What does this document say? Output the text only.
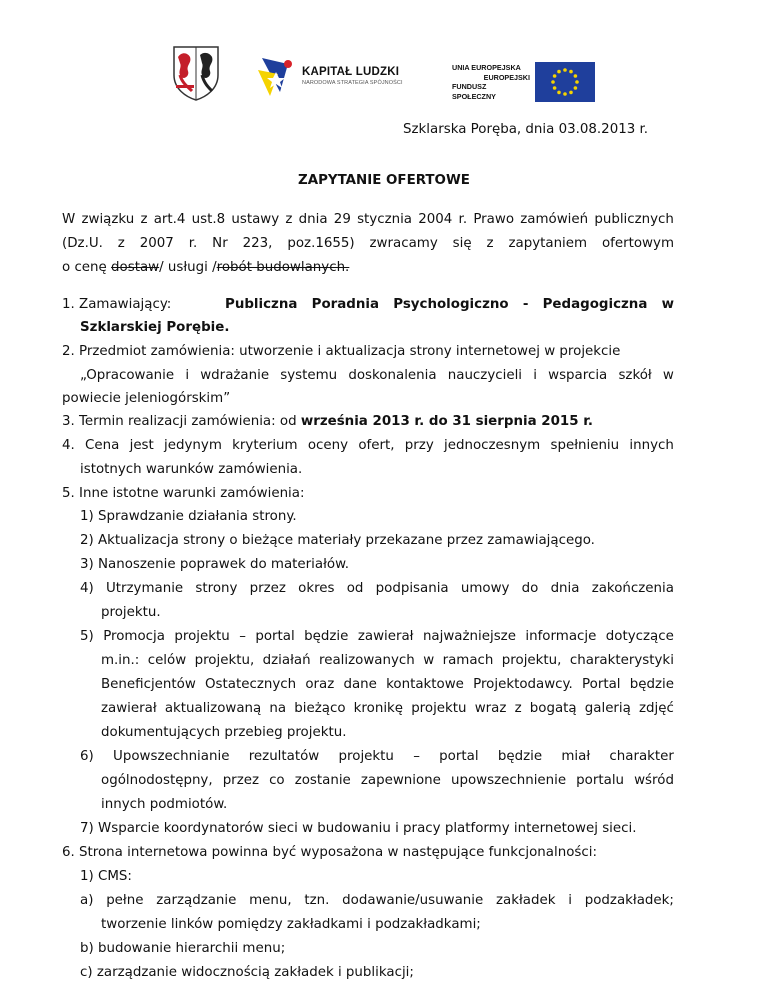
KAPITAŁ LUDZKI
NARODOWA STRATEGIA SPÓJNOŚCI
UNIA EUROPEJSKA
EUROPEJSKI
FUNDUSZ SPOŁECZNY
Szklarska Poręba, dnia 03.08.2013 r.
ZAPYTANIE OFERTOWE
W związku z art.4 ust.8 ustawy z dnia 29 stycznia 2004 r. Prawo zamówień publicznych
(Dz.U. z 2007 r. Nr 223, poz.1655) zwracamy się z zapytaniem ofertowym
o cenę dostaw/ usługi /robót budowlanych.
1. Zamawiający:	Publiczna Poradnia Psychologiczno - Pedagogiczna w
Szklarskiej Porębie.
2. Przedmiot zamówienia: utworzenie i aktualizacja strony internetowej w projekcie
„Opracowanie i wdrażanie systemu doskonalenia nauczycieli i wsparcia szkół w
powiecie jeleniogórskim”
3. Termin realizacji zamówienia: od września 2013 r. do 31 sierpnia 2015 r.
4. Cena jest jedynym kryterium oceny ofert, przy jednoczesnym spełnieniu innych
istotnych warunków zamówienia.
5. Inne istotne warunki zamówienia:
1) Sprawdzanie działania strony.
2) Aktualizacja strony o bieżące materiały przekazane przez zamawiającego.
3) Nanoszenie poprawek do materiałów.
4) Utrzymanie strony przez okres od podpisania umowy do dnia zakończenia
projektu.
5) Promocja projektu – portal będzie zawierał najważniejsze informacje dotyczące
m.in.: celów projektu, działań realizowanych w ramach projektu, charakterystyki
Beneficjentów Ostatecznych oraz dane kontaktowe Projektodawcy. Portal będzie
zawierał aktualizowaną na bieżąco kronikę projektu wraz z bogatą galerią zdjęć
dokumentujących przebieg projektu.
6) Upowszechnianie rezultatów projektu – portal będzie miał charakter
ogólnodostępny, przez co zostanie zapewnione upowszechnienie portalu wśród
innych podmiotów.
7) Wsparcie koordynatorów sieci w budowaniu i pracy platformy internetowej sieci.
6. Strona internetowa powinna być wyposażona w następujące funkcjonalności:
1) CMS:
a) pełne zarządzanie menu, tzn. dodawanie/usuwanie zakładek i podzakładek;
tworzenie linków pomiędzy zakładkami i podzakładkami;
b) budowanie hierarchii menu;
c) zarządzanie widocznością zakładek i publikacji;
